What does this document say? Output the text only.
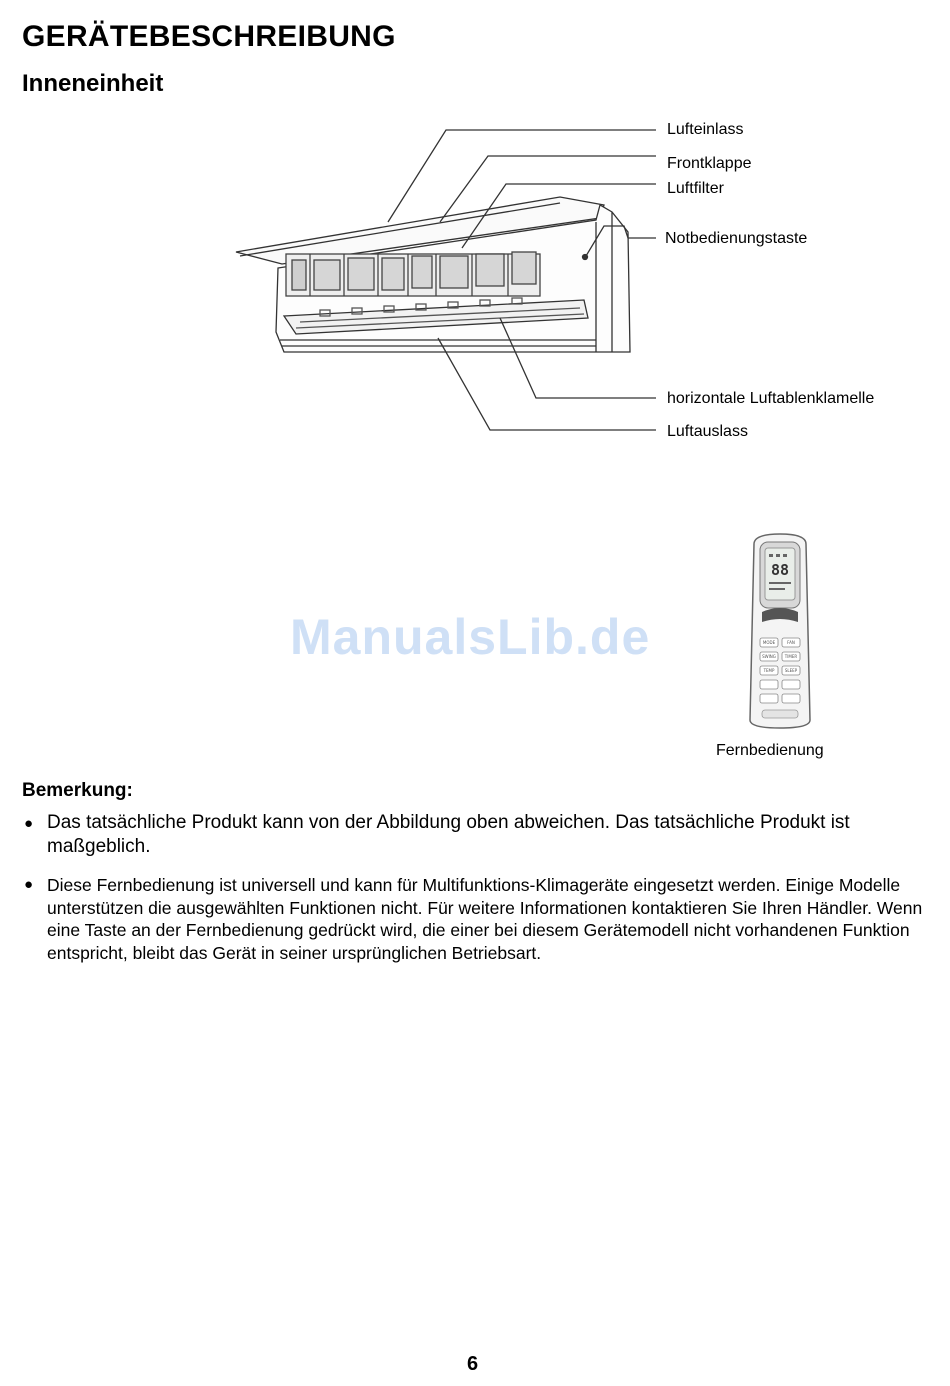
GERÄTEBESCHREIBUNG
Inneneinheit
Lufteinlass
Frontklappe
Luftfilter
Notbedienungstaste
horizontale Luftablenklamelle
Luftauslass
ManualsLib.de
88
MODE	FAN
SWING TIMER
TEMP	SLEEP
Fernbedienung
Bemerkung:
● Das tatsächliche Produkt kann von der Abbildung oben abweichen. Das tatsächliche Produkt ist maßgeblich.
● Diese Fernbedienung ist universell und kann für Multifunktions-Klimageräte eingesetzt werden. Einige Modelle unterstützen die ausgewählten Funktionen nicht. Für weitere Informationen kontaktieren Sie Ihren Händler. Wenn eine Taste an der Fernbedienung gedrückt wird, die einer bei diesem Gerätemodell nicht vorhandenen Funktion entspricht, bleibt das Gerät in seiner ursprünglichen Betriebsart.
6
